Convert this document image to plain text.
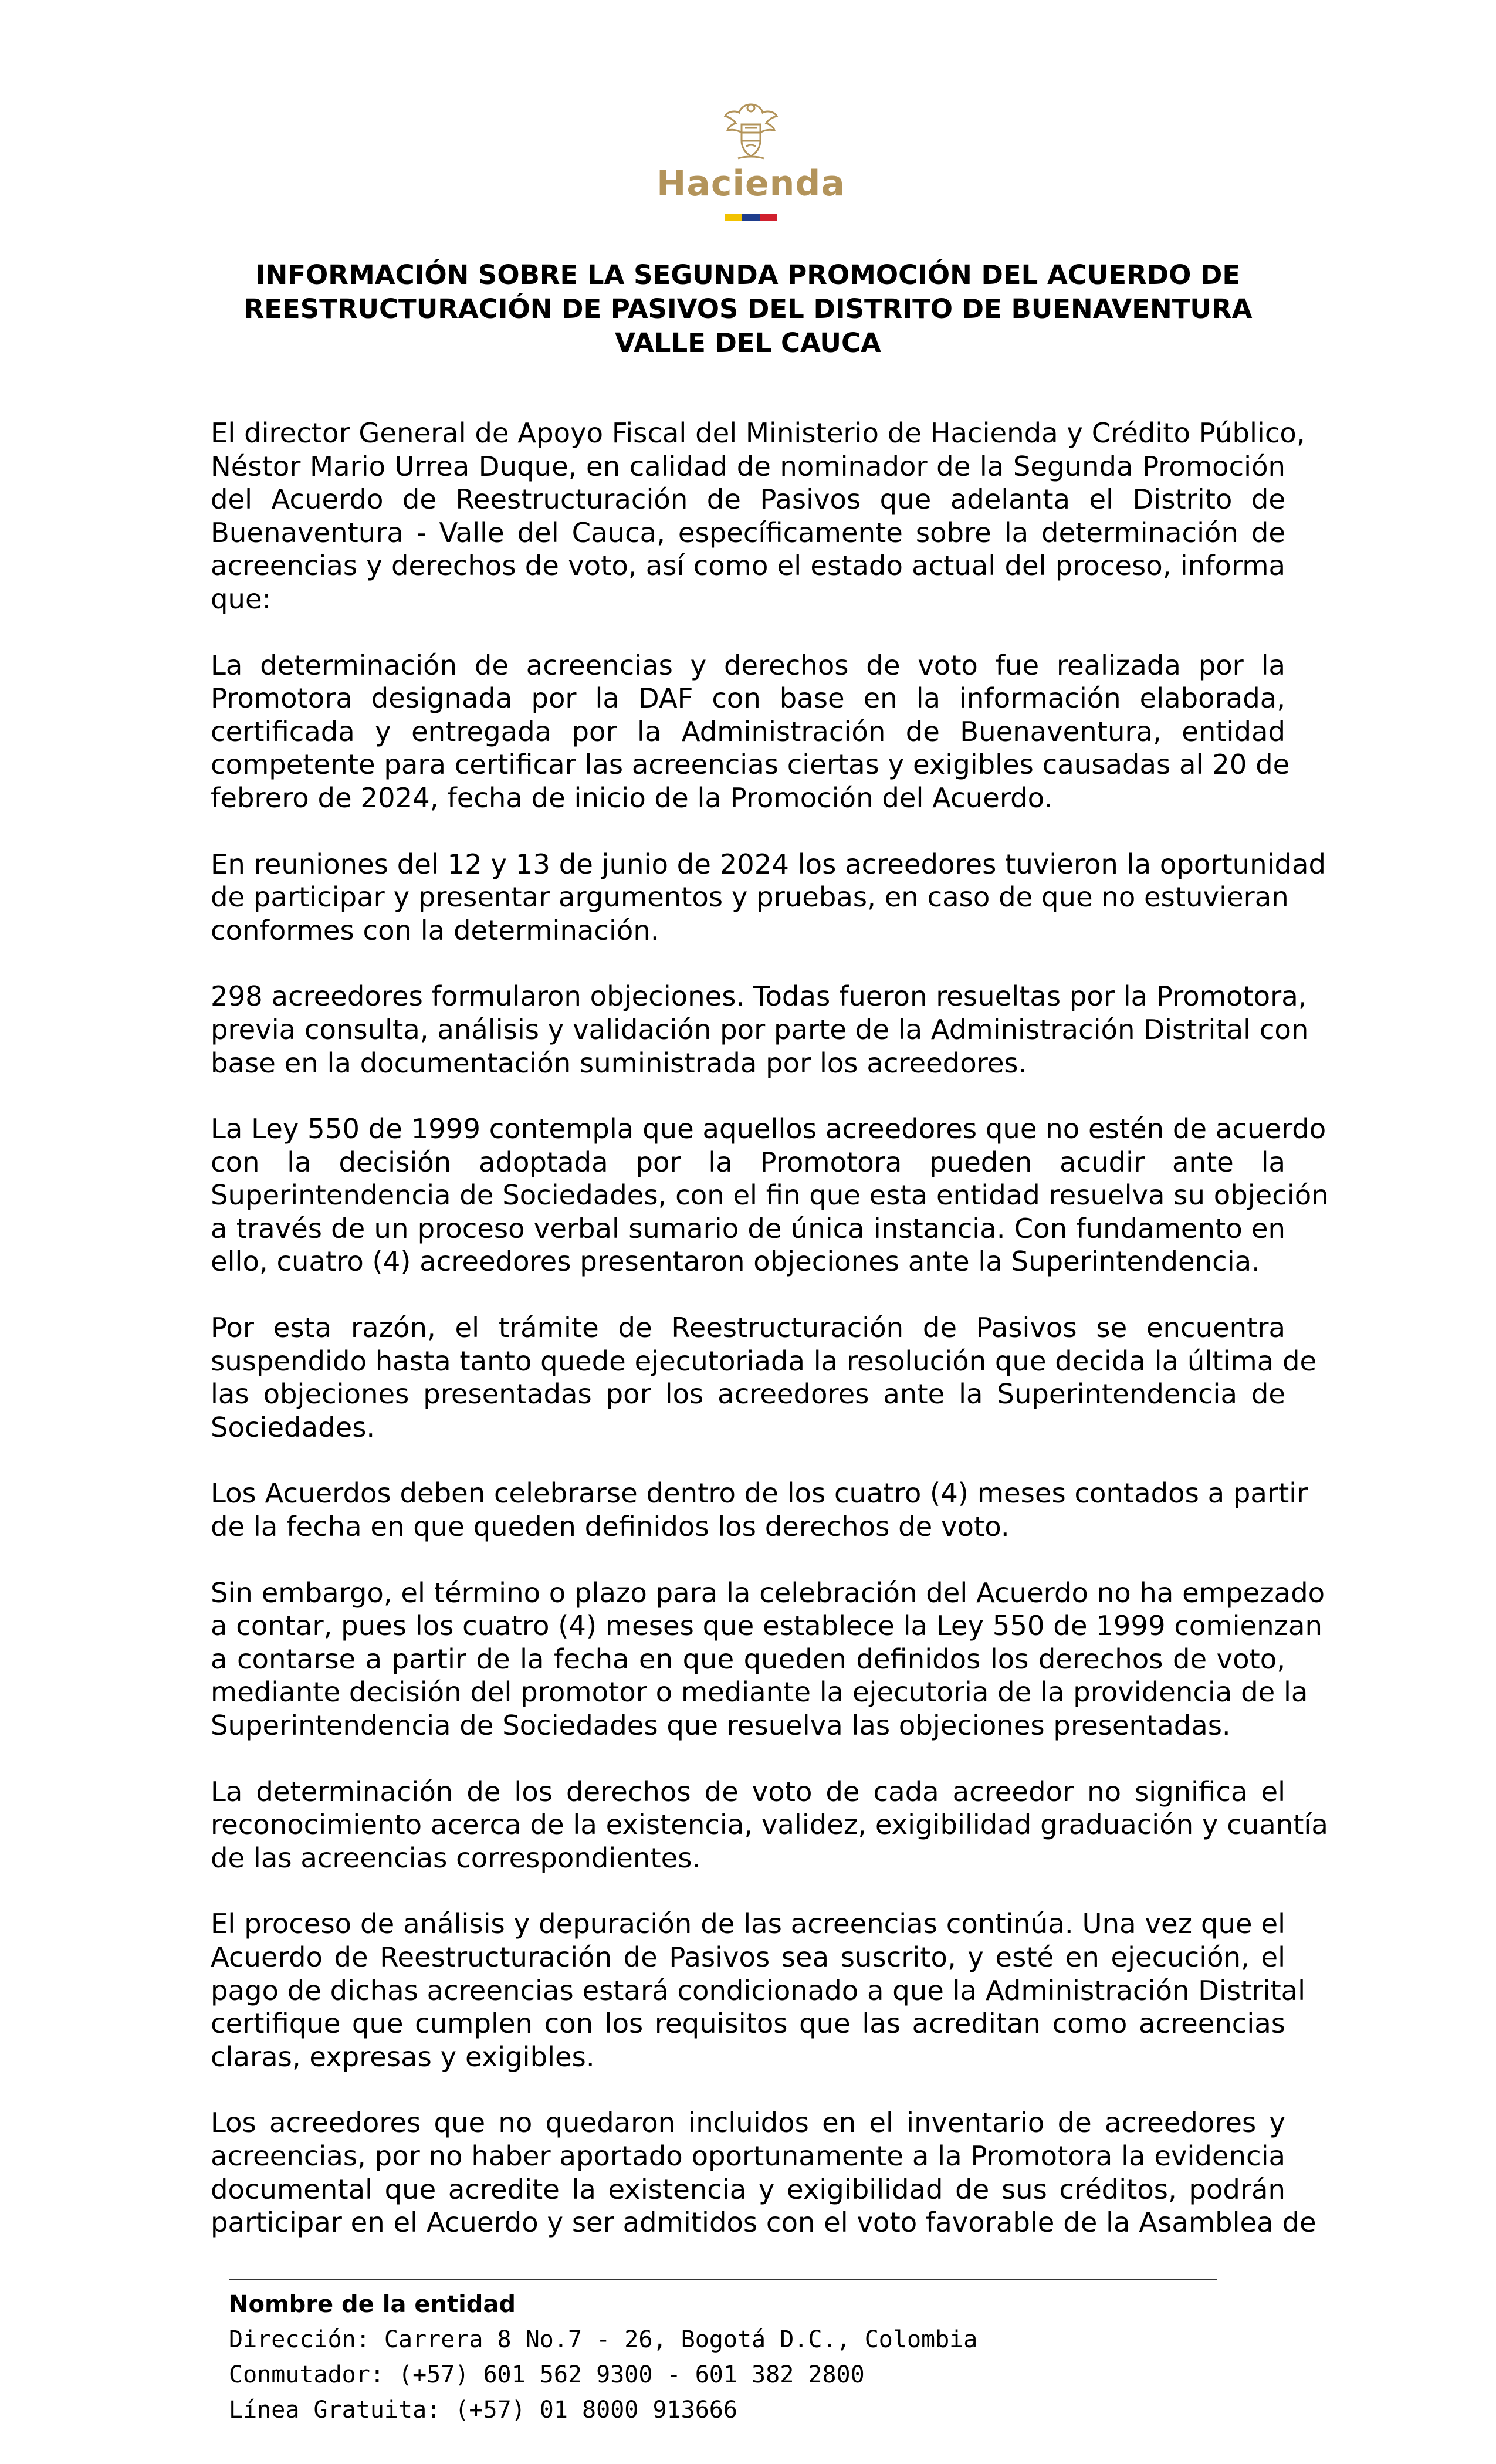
Hacienda
INFORMACIÓN SOBRE LA SEGUNDA PROMOCIÓN DEL ACUERDO DE
REESTRUCTURACIÓN DE PASIVOS DEL DISTRITO DE BUENAVENTURA
VALLE DEL CAUCA
El director General de Apoyo Fiscal del Ministerio de Hacienda y Crédito Público,
Néstor Mario Urrea Duque, en calidad de nominador de la Segunda Promoción
del Acuerdo de Reestructuración de Pasivos que adelanta el Distrito de
Buenaventura - Valle del Cauca, específicamente sobre la determinación de
acreencias y derechos de voto, así como el estado actual del proceso, informa
que:
La determinación de acreencias y derechos de voto fue realizada por la
Promotora designada por la DAF con base en la información elaborada,
certificada y entregada por la Administración de Buenaventura, entidad
competente para certificar las acreencias ciertas y exigibles causadas al 20 de
febrero de 2024, fecha de inicio de la Promoción del Acuerdo.
En reuniones del 12 y 13 de junio de 2024 los acreedores tuvieron la oportunidad
de participar y presentar argumentos y pruebas, en caso de que no estuvieran
conformes con la determinación.
298 acreedores formularon objeciones. Todas fueron resueltas por la Promotora,
previa consulta, análisis y validación por parte de la Administración Distrital con
base en la documentación suministrada por los acreedores.
La Ley 550 de 1999 contempla que aquellos acreedores que no estén de acuerdo
con la decisión adoptada por la Promotora pueden acudir ante la
Superintendencia de Sociedades, con el fin que esta entidad resuelva su objeción
a través de un proceso verbal sumario de única instancia. Con fundamento en
ello, cuatro (4) acreedores presentaron objeciones ante la Superintendencia.
Por esta razón, el trámite de Reestructuración de Pasivos se encuentra
suspendido hasta tanto quede ejecutoriada la resolución que decida la última de
las objeciones presentadas por los acreedores ante la Superintendencia de
Sociedades.
Los Acuerdos deben celebrarse dentro de los cuatro (4) meses contados a partir
de la fecha en que queden definidos los derechos de voto.
Sin embargo, el término o plazo para la celebración del Acuerdo no ha empezado
a contar, pues los cuatro (4) meses que establece la Ley 550 de 1999 comienzan
a contarse a partir de la fecha en que queden definidos los derechos de voto,
mediante decisión del promotor o mediante la ejecutoria de la providencia de la
Superintendencia de Sociedades que resuelva las objeciones presentadas.
La determinación de los derechos de voto de cada acreedor no significa el
reconocimiento acerca de la existencia, validez, exigibilidad graduación y cuantía
de las acreencias correspondientes.
El proceso de análisis y depuración de las acreencias continúa. Una vez que el
Acuerdo de Reestructuración de Pasivos sea suscrito, y esté en ejecución, el
pago de dichas acreencias estará condicionado a que la Administración Distrital
certifique que cumplen con los requisitos que las acreditan como acreencias
claras, expresas y exigibles.
Los acreedores que no quedaron incluidos en el inventario de acreedores y
acreencias, por no haber aportado oportunamente a la Promotora la evidencia
documental que acredite la existencia y exigibilidad de sus créditos, podrán
participar en el Acuerdo y ser admitidos con el voto favorable de la Asamblea de
Nombre de la entidad
Dirección: Carrera 8 No.7 - 26, Bogotá D.C., Colombia
Conmutador: (+57) 601 562 9300 - 601 382 2800
Línea Gratuita: (+57) 01 8000 913666
